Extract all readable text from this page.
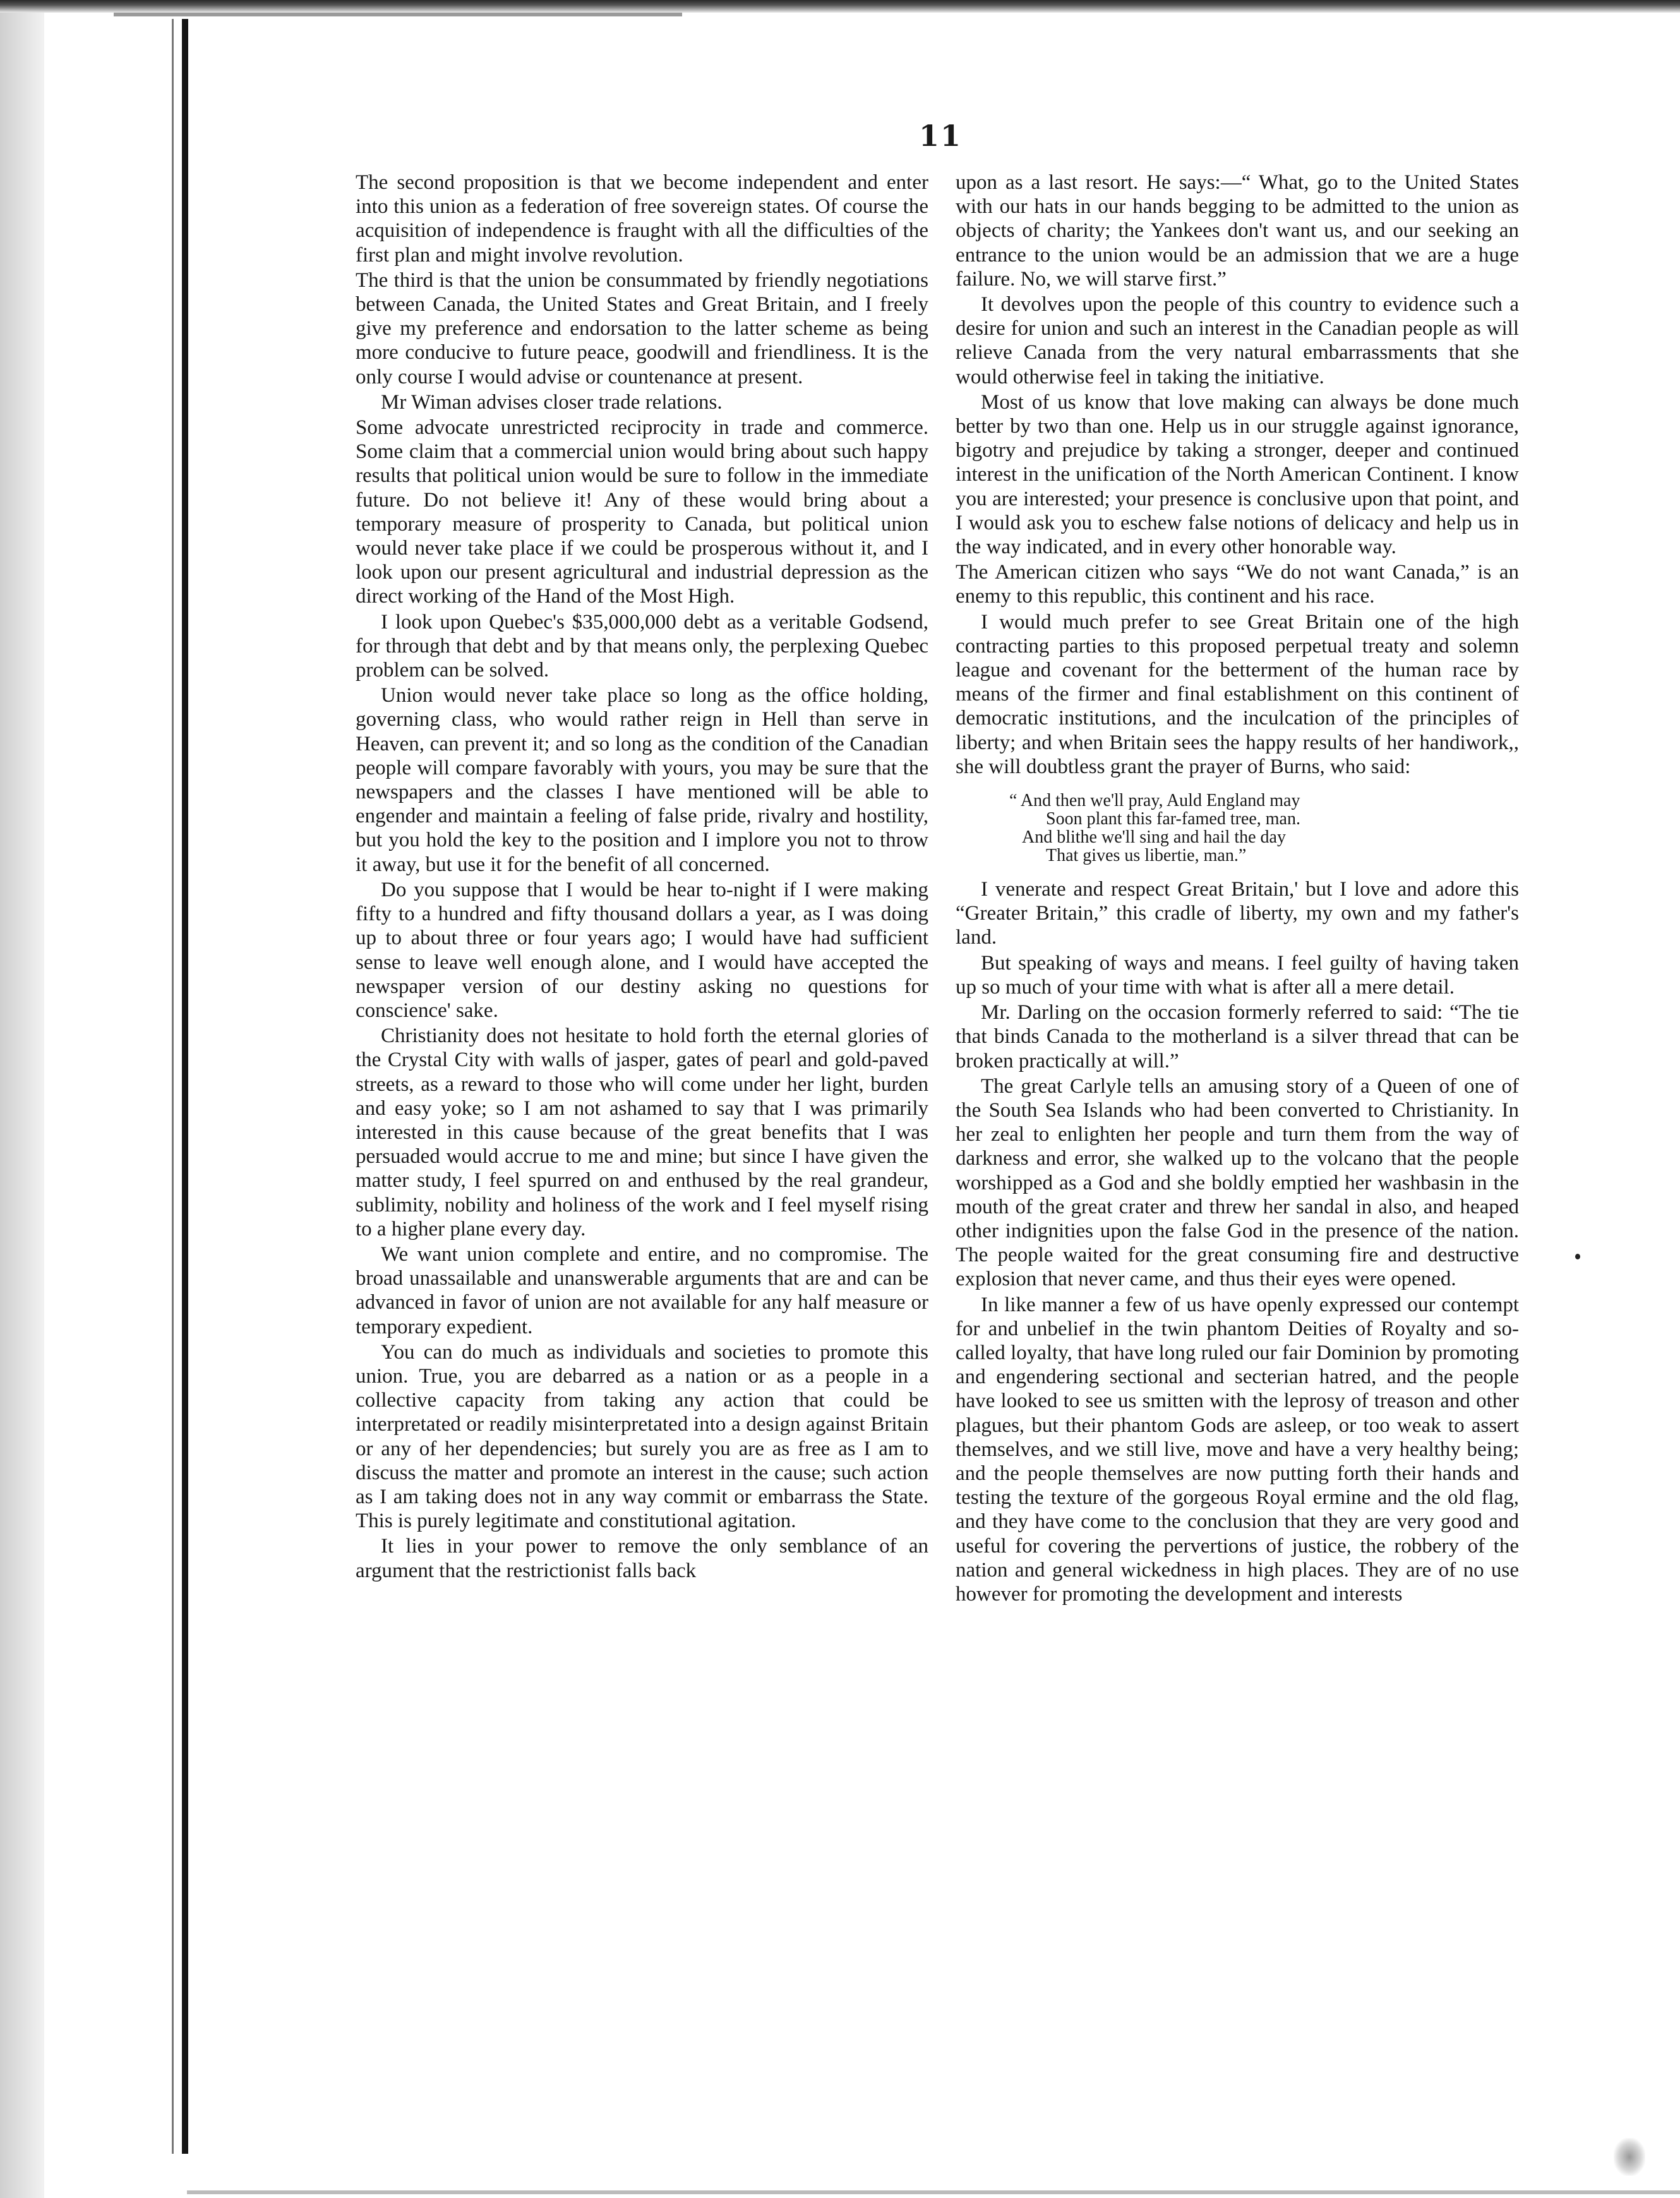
11

The second proposition is that we become independent and enter into this union as a federation of free sovereign states. Of course the acquisition of independence is fraught with all the difficulties of the first plan and might involve revolution.

The third is that the union be consummated by friendly negotiations between Canada, the United States and Great Britain, and I freely give my preference and endorsation to the latter scheme as being more conducive to future peace, goodwill and friendliness. It is the only course I would advise or countenance at present.

Mr Wiman advises closer trade relations.

Some advocate unrestricted reciprocity in trade and commerce. Some claim that a commercial union would bring about such happy results that political union would be sure to follow in the immediate future. Do not believe it! Any of these would bring about a temporary measure of prosperity to Canada, but political union would never take place if we could be prosperous without it, and I look upon our present agricultural and industrial depression as the direct working of the Hand of the Most High.

I look upon Quebec's $35,000,000 debt as a veritable Godsend, for through that debt and by that means only, the perplexing Quebec problem can be solved.

Union would never take place so long as the office holding, governing class, who would rather reign in Hell than serve in Heaven, can prevent it; and so long as the condition of the Canadian people will compare favorably with yours, you may be sure that the newspapers and the classes I have mentioned will be able to engender and maintain a feeling of false pride, rivalry and hostility, but you hold the key to the position and I implore you not to throw it away, but use it for the benefit of all concerned.

Do you suppose that I would be hear to-night if I were making fifty to a hundred and fifty thousand dollars a year, as I was doing up to about three or four years ago; I would have had sufficient sense to leave well enough alone, and I would have accepted the newspaper version of our destiny asking no questions for conscience' sake.

Christianity does not hesitate to hold forth the eternal glories of the Crystal City with walls of jasper, gates of pearl and gold-paved streets, as a reward to those who will come under her light, burden and easy yoke; so I am not ashamed to say that I was primarily interested in this cause because of the great benefits that I was persuaded would accrue to me and mine; but since I have given the matter study, I feel spurred on and enthused by the real grandeur, sublimity, nobility and holiness of the work and I feel myself rising to a higher plane every day.

We want union complete and entire, and no compromise. The broad unassailable and unanswerable arguments that are and can be advanced in favor of union are not available for any half measure or temporary expedient.

You can do much as individuals and societies to promote this union. True, you are debarred as a nation or as a people in a collective capacity from taking any action that could be interpretated or readily misinterpretated into a design against Britain or any of her dependencies; but surely you are as free as I am to discuss the matter and promote an interest in the cause; such action as I am taking does not in any way commit or embarrass the State. This is purely legitimate and constitutional agitation.

It lies in your power to remove the only semblance of an argument that the restrictionist falls back

upon as a last resort. He says:—“ What, go to the United States with our hats in our hands begging to be admitted to the union as objects of charity; the Yankees don't want us, and our seeking an entrance to the union would be an admission that we are a huge failure. No, we will starve first.”

It devolves upon the people of this country to evidence such a desire for union and such an interest in the Canadian people as will relieve Canada from the very natural embarrassments that she would otherwise feel in taking the initiative.

Most of us know that love making can always be done much better by two than one. Help us in our struggle against ignorance, bigotry and prejudice by taking a stronger, deeper and continued interest in the unification of the North American Continent. I know you are interested; your presence is conclusive upon that point, and I would ask you to eschew false notions of delicacy and help us in the way indicated, and in every other honorable way.

The American citizen who says “We do not want Canada,” is an enemy to this republic, this continent and his race.

I would much prefer to see Great Britain one of the high contracting parties to this proposed perpetual treaty and solemn league and covenant for the betterment of the human race by means of the firmer and final establishment on this continent of democratic institutions, and the inculcation of the principles of liberty; and when Britain sees the happy results of her handiwork,, she will doubtless grant the prayer of Burns, who said:

“ And then we'll pray, Auld England may
Soon plant this far-famed tree, man.
And blithe we'll sing and hail the day
That gives us libertie, man.”

I venerate and respect Great Britain,' but I love and adore this “Greater Britain,” this cradle of liberty, my own and my father's land.

But speaking of ways and means. I feel guilty of having taken up so much of your time with what is after all a mere detail.

Mr. Darling on the occasion formerly referred to said: “The tie that binds Canada to the motherland is a silver thread that can be broken practically at will.”

The great Carlyle tells an amusing story of a Queen of one of the South Sea Islands who had been converted to Christianity. In her zeal to enlighten her people and turn them from the way of darkness and error, she walked up to the volcano that the people worshipped as a God and she boldly emptied her washbasin in the mouth of the great crater and threw her sandal in also, and heaped other indignities upon the false God in the presence of the nation. The people waited for the great consuming fire and destructive explosion that never came, and thus their eyes were opened.

In like manner a few of us have openly expressed our contempt for and unbelief in the twin phantom Deities of Royalty and so-called loyalty, that have long ruled our fair Dominion by promoting and engendering sectional and secterian hatred, and the people have looked to see us smitten with the leprosy of treason and other plagues, but their phantom Gods are asleep, or too weak to assert themselves, and we still live, move and have a very healthy being; and the people themselves are now putting forth their hands and testing the texture of the gorgeous Royal ermine and the old flag, and they have come to the conclusion that they are very good and useful for covering the pervertions of justice, the robbery of the nation and general wickedness in high places. They are of no use however for promoting the development and interests
